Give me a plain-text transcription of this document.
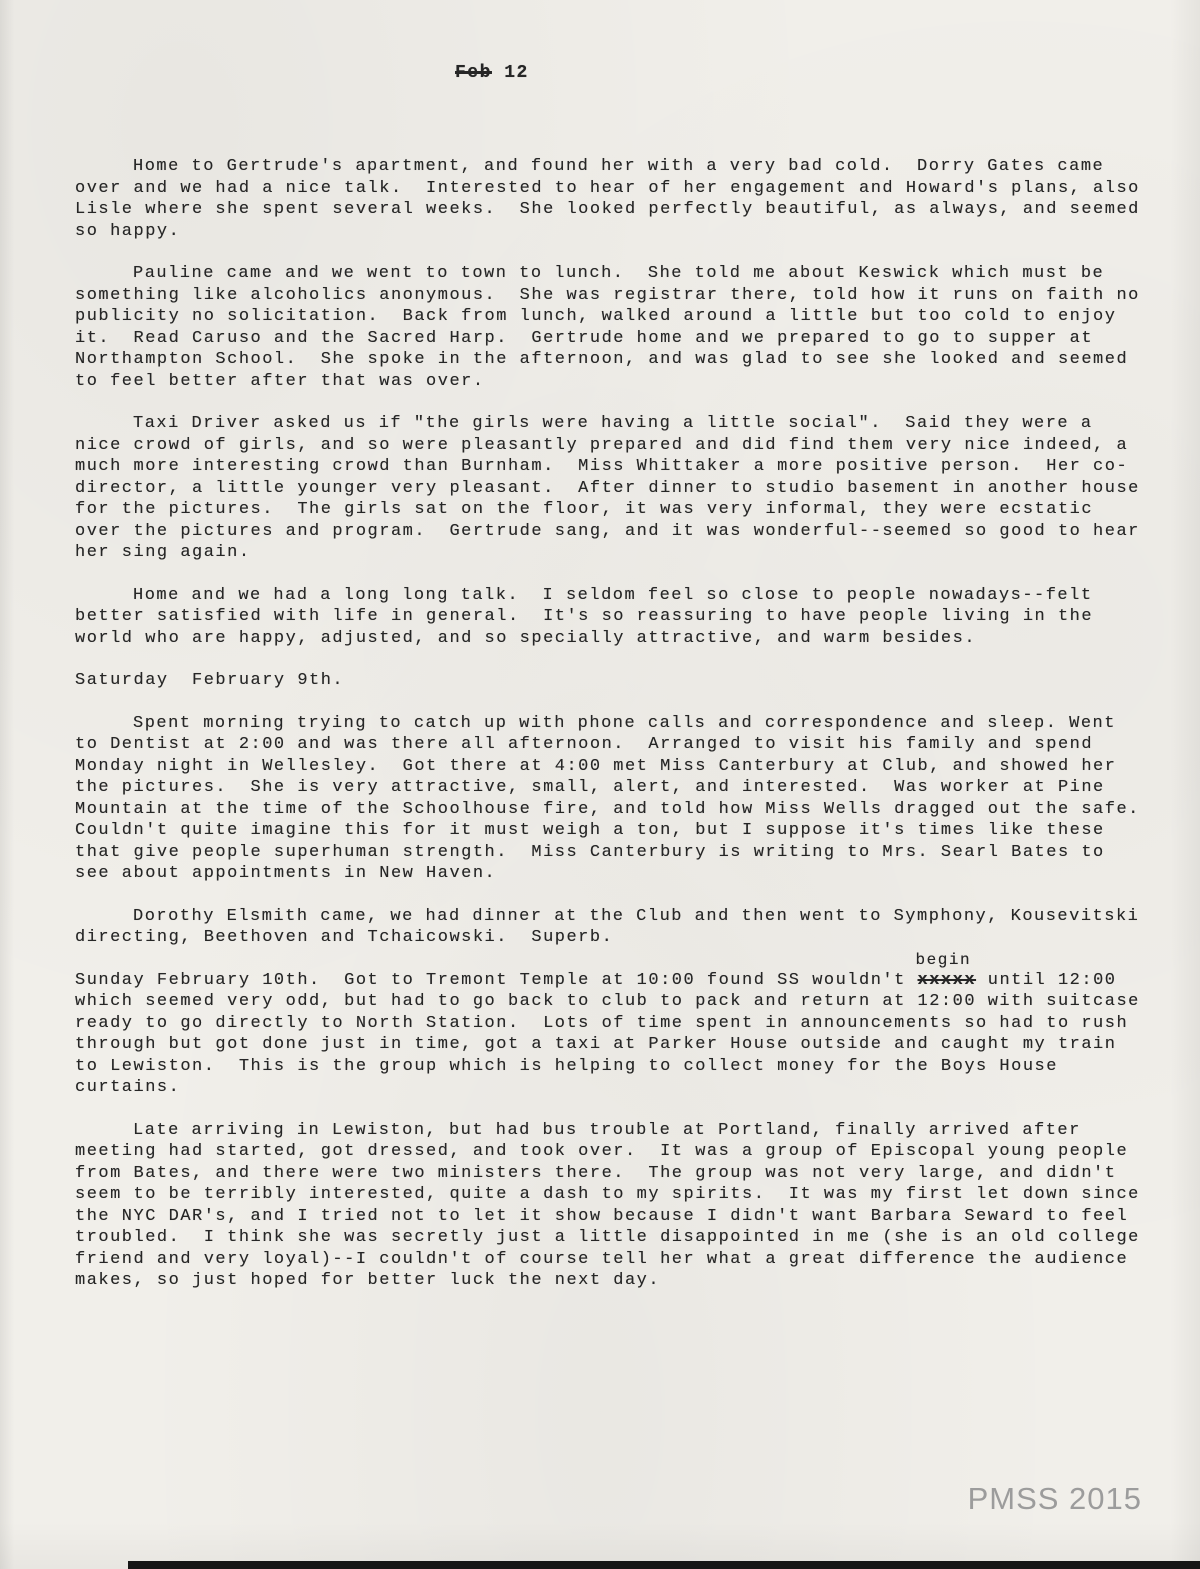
Feb 12

Home to Gertrude's apartment, and found her with a very bad cold.  Dorry Gates came over and we had a nice talk.  Interested to hear of her engagement and Howard's plans, also Lisle where she spent several weeks.  She looked perfectly beautiful, as always, and seemed so happy.

Pauline came and we went to town to lunch.  She told me about Keswick which must be something like alcoholics anonymous.  She was registrar there, told how it runs on faith no publicity no solicitation.  Back from lunch, walked around a little but too cold to enjoy it.  Read Caruso and the Sacred Harp.  Gertrude home and we prepared to go to supper at Northampton School.  She spoke in the afternoon, and was glad to see she looked and seemed to feel better after that was over.

Taxi Driver asked us if "the girls were having a little social".  Said they were a nice crowd of girls, and so were pleasantly prepared and did find them very nice indeed, a much more interesting crowd than Burnham.  Miss Whittaker a more positive person.  Her co-director, a little younger very pleasant.  After dinner to studio basement in another house for the pictures.  The girls sat on the floor, it was very informal, they were ecstatic over the pictures and program.  Gertrude sang, and it was wonderful--seemed so good to hear her sing again.

Home and we had a long long talk.  I seldom feel so close to people nowadays--felt better satisfied with life in general.  It's so reassuring to have people living in the world who are happy, adjusted, and so specially attractive, and warm besides.

Saturday  February 9th.

Spent morning trying to catch up with phone calls and correspondence and sleep. Went to Dentist at 2:00 and was there all afternoon.  Arranged to visit his family and spend Monday night in Wellesley.  Got there at 4:00 met Miss Canterbury at Club, and showed her the pictures.  She is very attractive, small, alert, and interested.  Was worker at Pine Mountain at the time of the Schoolhouse fire, and told how Miss Wells dragged out the safe.  Couldn't quite imagine this for it must weigh a ton, but I suppose it's times like these that give people superhuman strength.  Miss Canterbury is writing to Mrs. Searl Bates to see about appointments in New Haven.

Dorothy Elsmith came, we had dinner at the Club and then went to Symphony, Kousevitski directing, Beethoven and Tchaicowski.  Superb.

Sunday February 10th.  Got to Tremont Temple at 10:00 found SS wouldn't
begin
xxxxx until 12:00 which seemed very odd, but had to go back to club to pack and return at 12:00 with suitcase ready to go directly to North Station.  Lots of time spent in announcements so had to rush through but got done just in time, got a taxi at Parker House outside and caught my train to Lewiston.  This is the group which is helping to collect money for the Boys House curtains.

Late arriving in Lewiston, but had bus trouble at Portland, finally arrived after meeting had started, got dressed, and took over.  It was a group of Episcopal young people from Bates, and there were two ministers there.  The group was not very large, and didn't seem to be terribly interested, quite a dash to my spirits.  It was my first let down since the NYC DAR's, and I tried not to let it show because I didn't want Barbara Seward to feel troubled.  I think she was secretly just a little disappointed in me (she is an old college friend and very loyal)--I couldn't of course tell her what a great difference the audience makes, so just hoped for better luck the next day.

PMSS 2015
